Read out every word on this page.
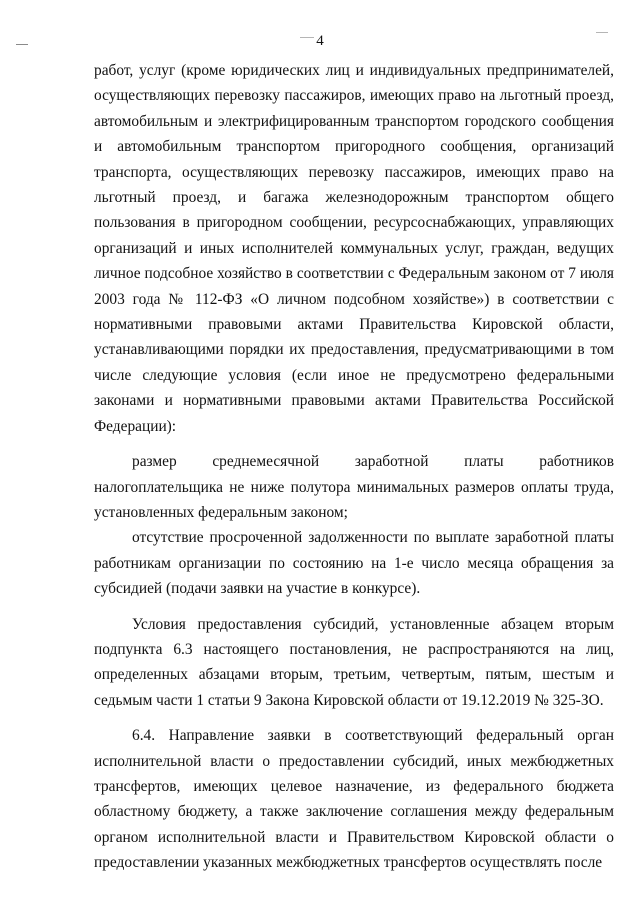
4

работ, услуг (кроме юридических лиц и индивидуальных предпринимателей, осуществляющих перевозку пассажиров, имеющих право на льготный проезд, автомобильным и электрифицированным транспортом городского сообщения и автомобильным транспортом пригородного сообщения, организаций транспорта, осуществляющих перевозку пассажиров, имеющих право на льготный проезд, и багажа железнодорожным транспортом общего пользования в пригородном сообщении, ресурсоснабжающих, управляющих организаций и иных исполнителей коммунальных услуг, граждан, ведущих личное подсобное хозяйство в соответствии с Федеральным законом от 7 июля 2003 года № 112-ФЗ «О личном подсобном хозяйстве») в соответствии с нормативными правовыми актами Правительства Кировской области, устанавливающими порядки их предоставления, предусматривающими в том числе следующие условия (если иное не предусмотрено федеральными законами и нормативными правовыми актами Правительства Российской Федерации):

размер среднемесячной заработной платы работников налогоплательщика не ниже полутора минимальных размеров оплаты труда, установленных федеральным законом;

отсутствие просроченной задолженности по выплате заработной платы работникам организации по состоянию на 1-е число месяца обращения за субсидией (подачи заявки на участие в конкурсе).

Условия предоставления субсидий, установленные абзацем вторым подпункта 6.3 настоящего постановления, не распространяются на лиц, определенных абзацами вторым, третьим, четвертым, пятым, шестым и седьмым части 1 статьи 9 Закона Кировской области от 19.12.2019 № 325-ЗО.

6.4. Направление заявки в соответствующий федеральный орган исполнительной власти о предоставлении субсидий, иных межбюджетных трансфертов, имеющих целевое назначение, из федерального бюджета областному бюджету, а также заключение соглашения между федеральным органом исполнительной власти и Правительством Кировской области о предоставлении указанных межбюджетных трансфертов осуществлять после
